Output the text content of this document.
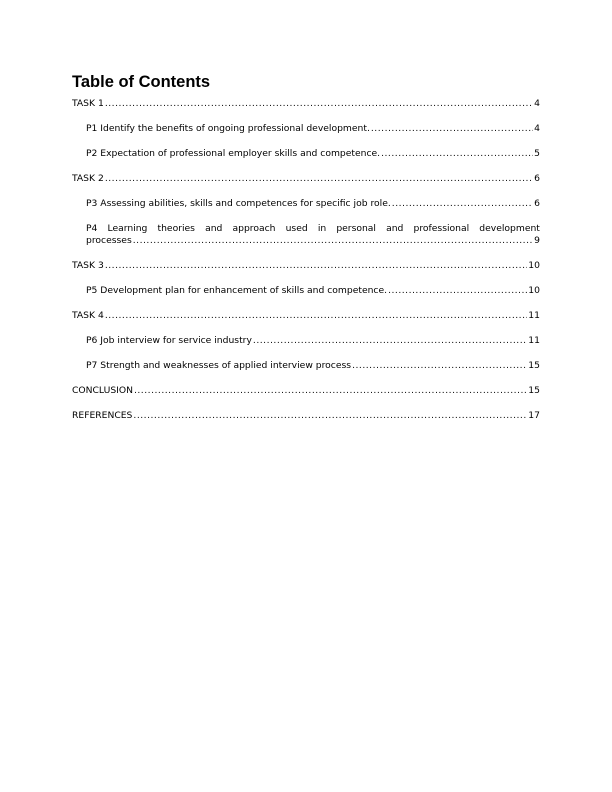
Table of Contents
TASK 1 .....	4
P1 Identify the benefits of ongoing professional development. .....	4
P2 Expectation of professional employer skills and competence. .....	5
TASK 2 .....	6
P3 Assessing abilities, skills and competences for specific job role. .....	6
P4 Learning theories and approach used in personal and professional development
processes .....	9
TASK 3 .....	10
P5 Development plan for enhancement of skills and competence. .....	10
TASK 4 .....	11
P6 Job interview for service industry .....	11
P7 Strength and weaknesses of applied interview process .....	15
CONCLUSION .....	15
REFERENCES .....	17
